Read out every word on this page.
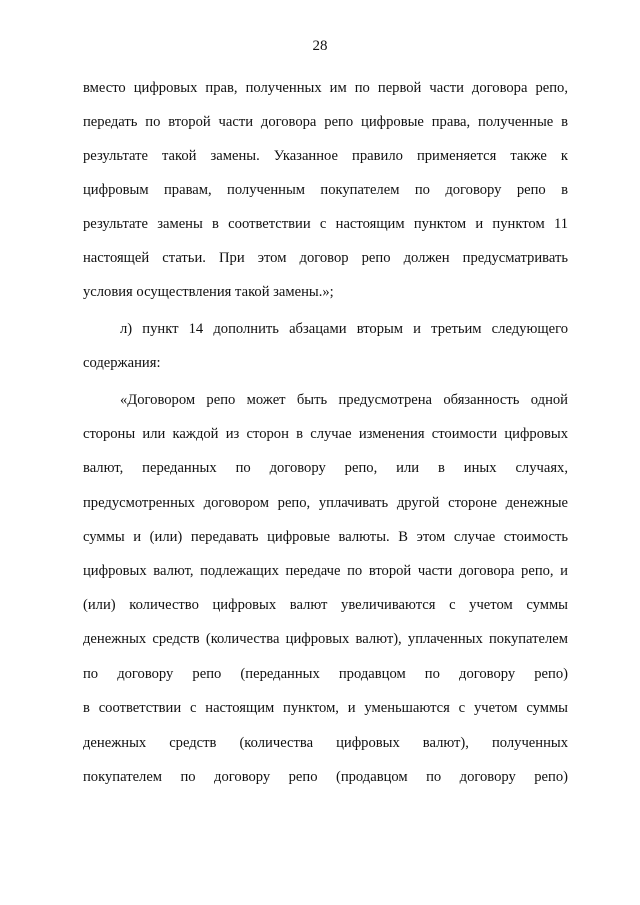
28
вместо цифровых прав, полученных им по первой части договора репо,
передать по второй части договора репо цифровые права, полученные в
результате такой замены. Указанное правило применяется также к
цифровым правам, полученным покупателем по договору репо в
результате замены в соответствии с настоящим пунктом и пунктом 11
настоящей статьи. При этом договор репо должен предусматривать
условия осуществления такой замены.»;
л) пункт 14 дополнить абзацами вторым и третьим следующего
содержания:
«Договором репо может быть предусмотрена обязанность одной
стороны или каждой из сторон в случае изменения стоимости цифровых
валют, переданных по договору репо, или в иных случаях,
предусмотренных договором репо, уплачивать другой стороне денежные
суммы и (или) передавать цифровые валюты. В этом случае стоимость
цифровых валют, подлежащих передаче по второй части договора репо, и
(или) количество цифровых валют увеличиваются с учетом суммы
денежных средств (количества цифровых валют), уплаченных покупателем
по договору репо (переданных продавцом по договору репо)
в соответствии с настоящим пунктом, и уменьшаются с учетом суммы
денежных средств (количества цифровых валют), полученных
покупателем по договору репо (продавцом по договору репо)
